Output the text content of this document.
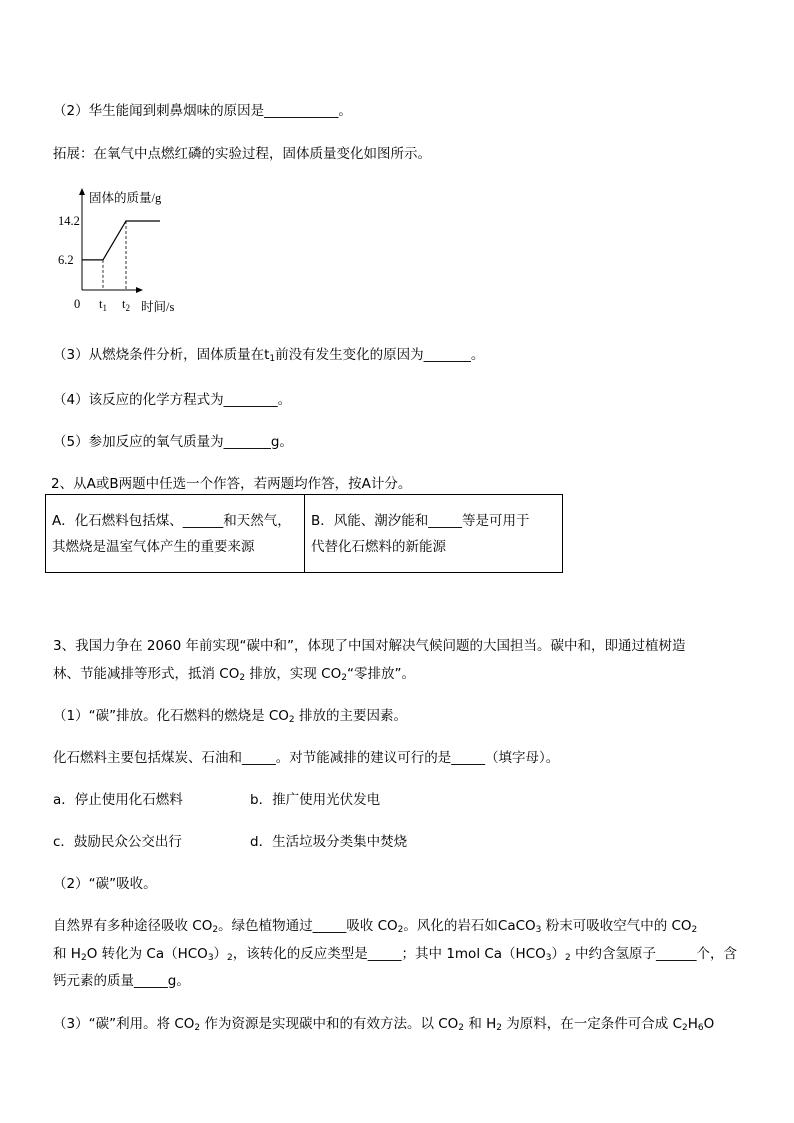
（2）华生能闻到刺鼻烟味的原因是___________。
拓展：在氧气中点燃红磷的实验过程，固体质量变化如图所示。
固体的质量/g
时间/s
0
6.2
14.2
$t_1$ $t_2$
（3）从燃烧条件分析，固体质量在$t_1$前没有发生变化的原因为_______。
（4）该反应的化学方程式为________。
（5）参加反应的氧气质量为_______g。
2、从A或B两题中任选一个作答，若两题均作答，按A计分。
A．化石燃料包括煤、______和天然气，
其燃烧是温室气体产生的重要来源

B．风能、潮汐能和_____等是可用于
代替化石燃料的新能源
3、我国力争在 2060 年前实现“碳中和”，体现了中国对解决气候问题的大国担当。碳中和，即通过植树造
林、节能减排等形式，抵消 $CO_2$ 排放，实现 $CO_2“$零排放”。
（1）“碳”排放。化石燃料的燃烧是 $CO_2$ 排放的主要因素。
化石燃料主要包括煤炭、石油和_____。对节能减排的建议可行的是_____（填字母）。
a．停止使用化石燃料	b．推广使用光伏发电
c．鼓励民众公交出行	d．生活垃圾分类集中焚烧
（2）“碳”吸收。
自然界有多种途径吸收 $CO_2$。绿色植物通过_____吸收 $CO_2$。风化的岩石如CaCO$_3$ 粉末可吸收空气中的 $CO_2$
和 $H_2O$ 转化为 $Ca(HCO_3)_2$，该转化的反应类型是_____；其中 1mol $Ca(HCO_3)_2$ 中约含氢原子______个，含
钙元素的质量_____g。
（3）“碳”利用。将 $CO_2$ 作为资源是实现碳中和的有效方法。以 $CO_2$ 和 $H_2$ 为原料，在一定条件可合成 $C_2H_6O$
